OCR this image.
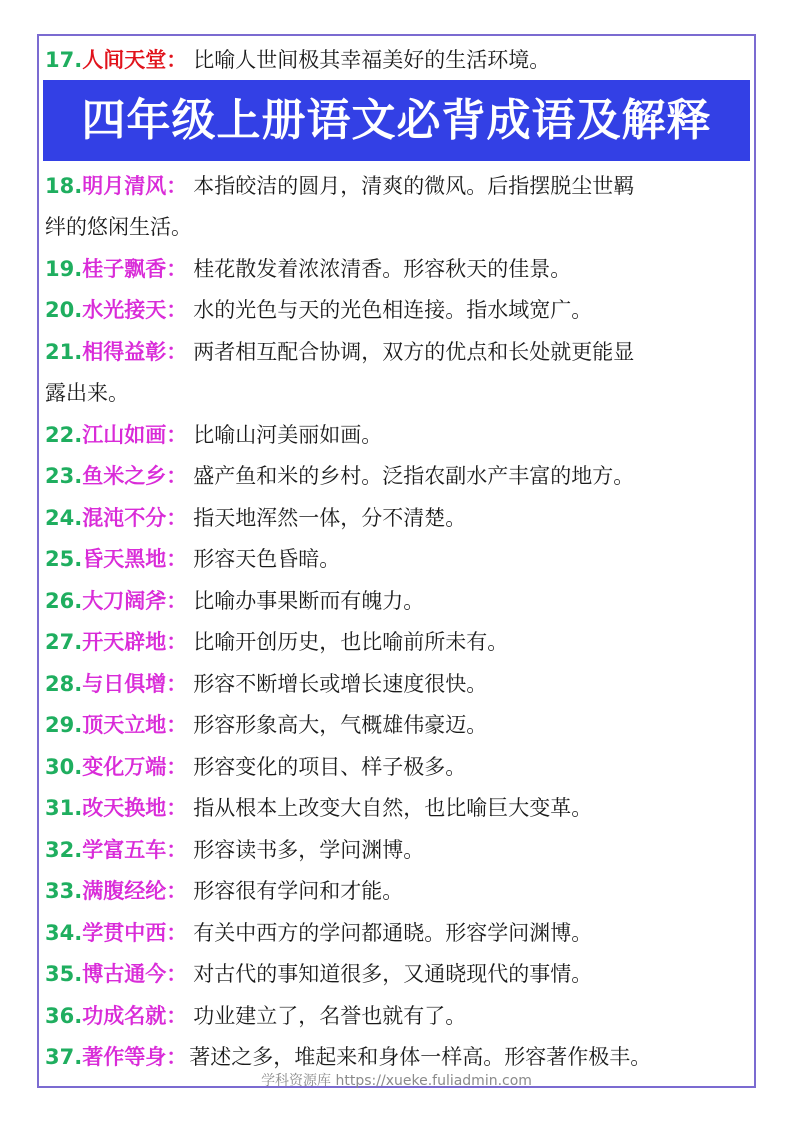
17.人间天堂： 比喻人世间极其幸福美好的生活环境。
四年级上册语文必背成语及解释
18.明月清风： 本指皎洁的圆月，清爽的微风。后指摆脱尘世羁
绊的悠闲生活。
19.桂子飘香： 桂花散发着浓浓清香。形容秋天的佳景。
20.水光接天： 水的光色与天的光色相连接。指水域宽广。
21.相得益彰： 两者相互配合协调，双方的优点和长处就更能显
露出来。
22.江山如画： 比喻山河美丽如画。
23.鱼米之乡： 盛产鱼和米的乡村。泛指农副水产丰富的地方。
24.混沌不分： 指天地浑然一体，分不清楚。
25.昏天黑地： 形容天色昏暗。
26.大刀阔斧： 比喻办事果断而有魄力。
27.开天辟地： 比喻开创历史，也比喻前所未有。
28.与日俱增： 形容不断增长或增长速度很快。
29.顶天立地： 形容形象高大，气概雄伟豪迈。
30.变化万端： 形容变化的项目、样子极多。
31.改天换地： 指从根本上改变大自然，也比喻巨大变革。
32.学富五车： 形容读书多，学问渊博。
33.满腹经纶： 形容很有学问和才能。
34.学贯中西： 有关中西方的学问都通晓。形容学问渊博。
35.博古通今： 对古代的事知道很多，又通晓现代的事情。
36.功成名就： 功业建立了，名誉也就有了。
37.著作等身：著述之多，堆起来和身体一样高。形容著作极丰。
学科资源库 https://xueke.fuliadmin.com
